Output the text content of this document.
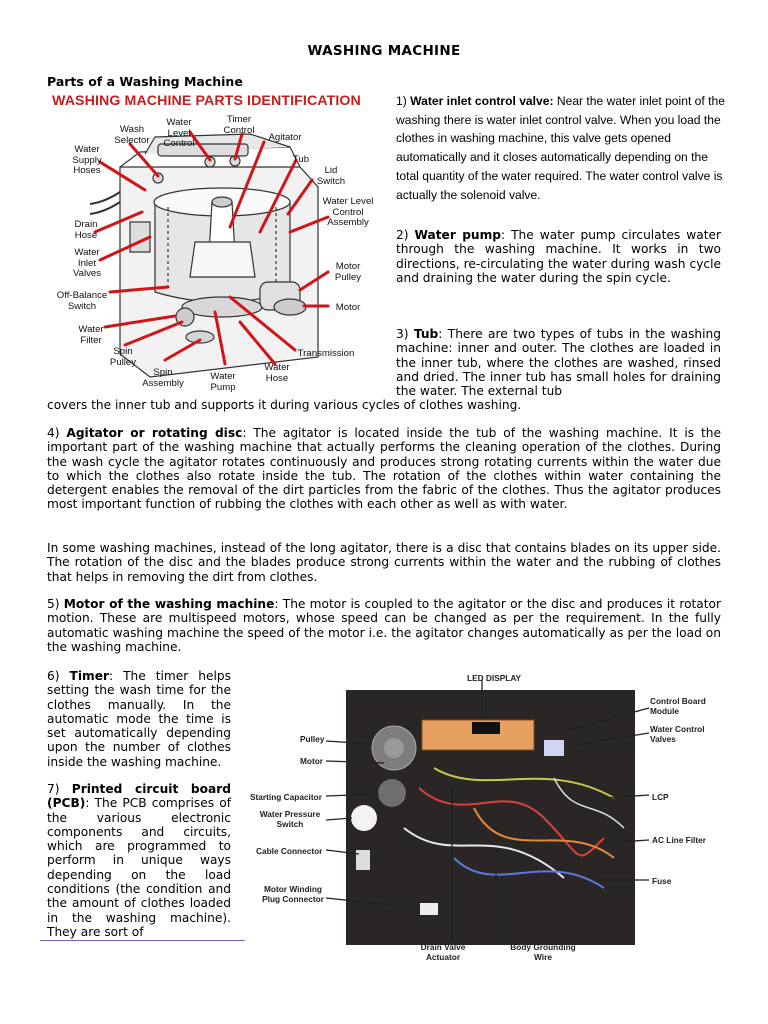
WASHING MACHINE
Parts of a Washing Machine
WASHING MACHINE PARTS IDENTIFICATION
Wash Selector
Water Level Control
Timer Control
Agitator
Tub
Lid Switch
Water Supply Hoses
Water Level Control Assembly
Drain Hose
Water Inlet Valves
Motor Pulley
Off-Balance Switch	Motor
Water Filter
Spin Pulley
Transmission
Spin Assembly
Water Pump
Water Hose
1) Water inlet control valve: Near the water inlet point of the washing there is water inlet control valve. When you load the clothes in washing machine, this valve gets opened automatically and it closes automatically depending on the total quantity of the water required. The water control valve is actually the solenoid valve.
2) Water pump: The water pump circulates water through the washing machine. It works in two directions, re-circulating the water during wash cycle and draining the water during the spin cycle.
3) Tub: There are two types of tubs in the washing machine: inner and outer. The clothes are loaded in the inner tub, where the clothes are washed, rinsed and dried. The inner tub has small holes for draining the water. The external tub
covers the inner tub and supports it during various cycles of clothes washing.
4) Agitator or rotating disc: The agitator is located inside the tub of the washing machine. It is the important part of the washing machine that actually performs the cleaning operation of the clothes. During the wash cycle the agitator rotates continuously and produces strong rotating currents within the water due to which the clothes also rotate inside the tub. The rotation of the clothes within water containing the detergent enables the removal of the dirt particles from the fabric of the clothes. Thus the agitator produces most important function of rubbing the clothes with each other as well as with water.
In some washing machines, instead of the long agitator, there is a disc that contains blades on its upper side. The rotation of the disc and the blades produce strong currents within the water and the rubbing of clothes that helps in removing the dirt from clothes.
5) Motor of the washing machine: The motor is coupled to the agitator or the disc and produces it rotator motion. These are multispeed motors, whose speed can be changed as per the requirement. In the fully automatic washing machine the speed of the motor i.e. the agitator changes automatically as per the load on the washing machine.
6) Timer: The timer helps setting the wash time for the clothes manually. In the automatic mode the time is set automatically depending upon the number of clothes inside the washing machine.
7) Printed circuit board (PCB): The PCB comprises of the various electronic components and circuits, which are programmed to perform in unique ways depending on the load conditions (the condition and the amount of clothes loaded in the washing machine). They are sort of
LED DISPLAY
Control Board Module
Water Control Valves
Pulley
Motor
Starting Capacitor	LCP
Water Pressure Switch
AC Line Filter
Cable Connector
Fuse
Motor Winding Plug Connector
Drain Valve Actuator
Body Grounding Wire
